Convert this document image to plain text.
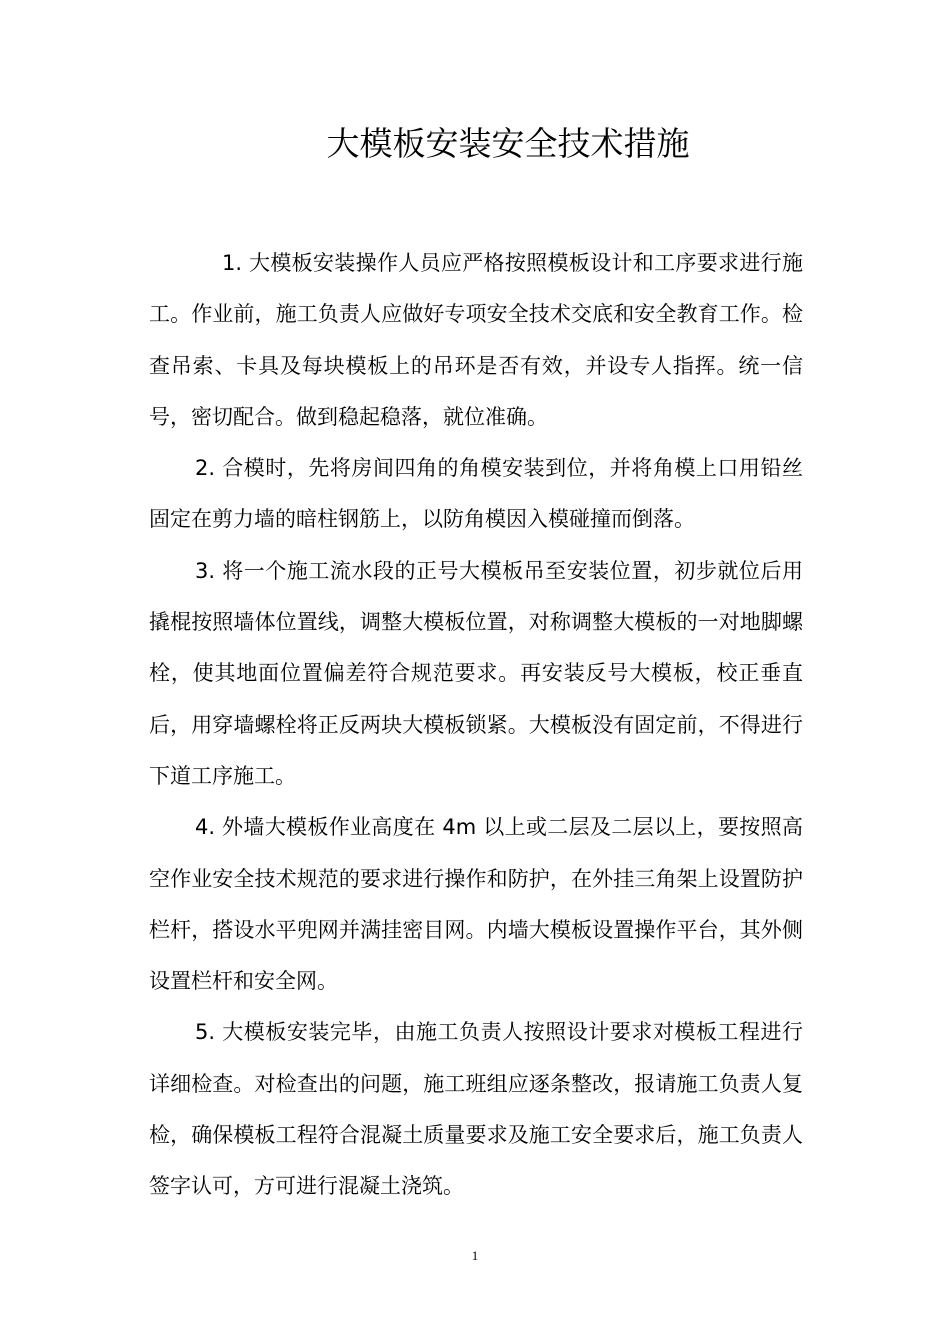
大模板安装安全技术措施

1. 大模板安装操作人员应严格按照模板设计和工序要求进行施工。作业前，施工负责人应做好专项安全技术交底和安全教育工作。检查吊索、卡具及每块模板上的吊环是否有效，并设专人指挥。统一信号，密切配合。做到稳起稳落，就位准确。

2. 合模时，先将房间四角的角模安装到位，并将角模上口用铅丝固定在剪力墙的暗柱钢筋上，以防角模因入模碰撞而倒落。

3. 将一个施工流水段的正号大模板吊至安装位置，初步就位后用撬棍按照墙体位置线，调整大模板位置，对称调整大模板的一对地脚螺栓，使其地面位置偏差符合规范要求。再安装反号大模板，校正垂直后，用穿墙螺栓将正反两块大模板锁紧。大模板没有固定前，不得进行下道工序施工。

4. 外墙大模板作业高度在 4m 以上或二层及二层以上，要按照高空作业安全技术规范的要求进行操作和防护，在外挂三角架上设置防护栏杆，搭设水平兜网并满挂密目网。内墙大模板设置操作平台，其外侧设置栏杆和安全网。

5. 大模板安装完毕，由施工负责人按照设计要求对模板工程进行详细检查。对检查出的问题，施工班组应逐条整改，报请施工负责人复检，确保模板工程符合混凝土质量要求及施工安全要求后，施工负责人签字认可，方可进行混凝土浇筑。

1
